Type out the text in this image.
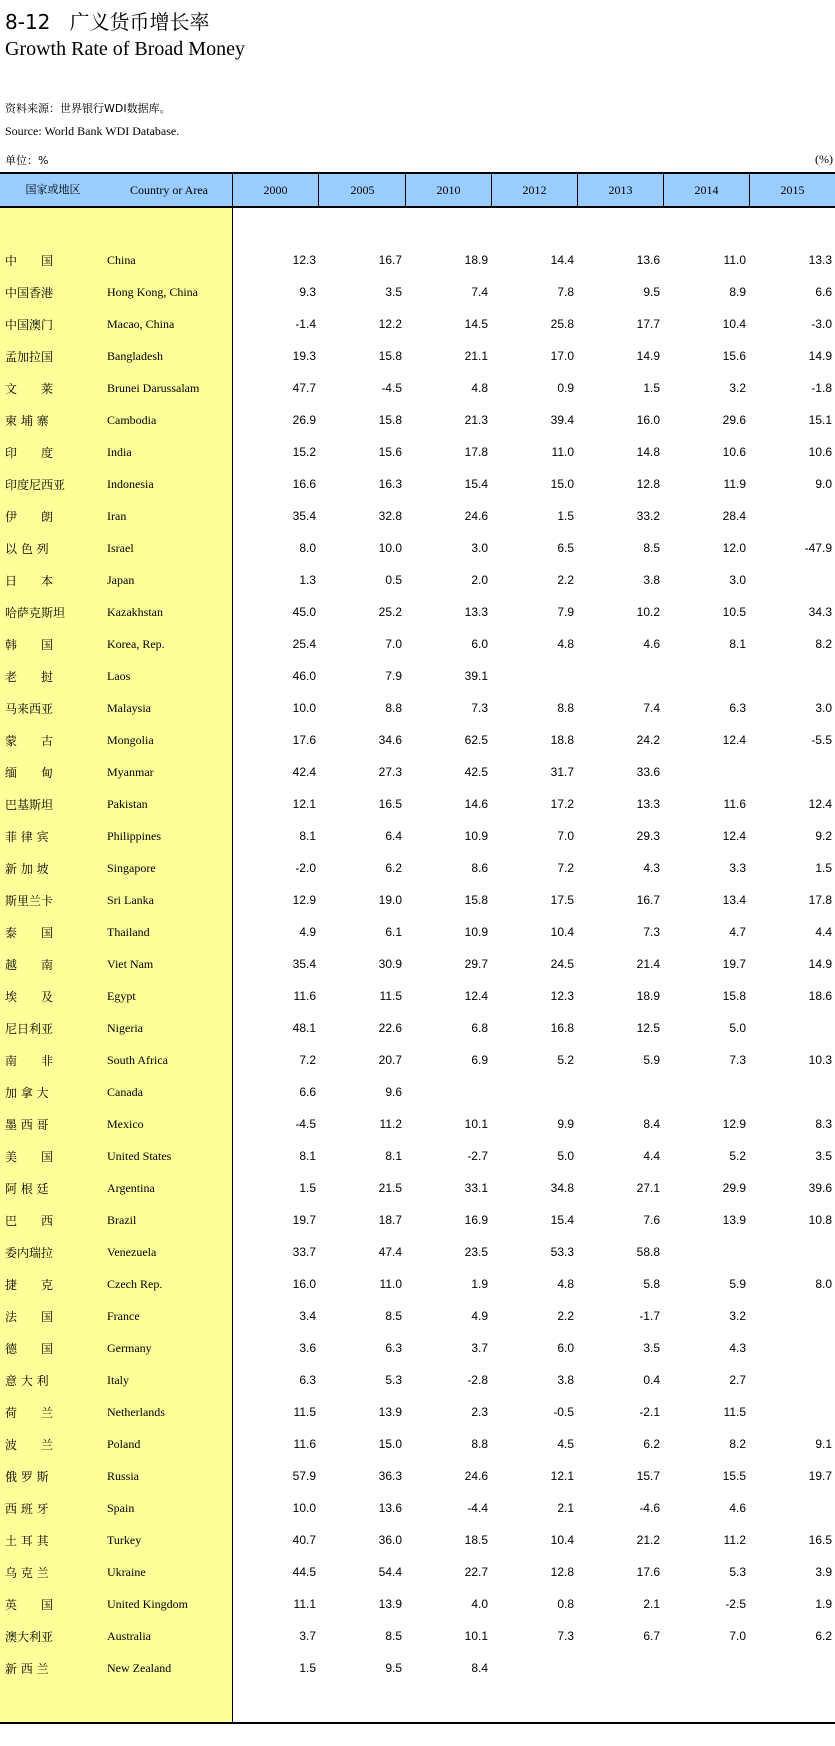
8-12 广义货币增长率
Growth Rate of Broad Money
资料来源：世界银行WDI数据库。
Source: World Bank WDI Database.
单位：%	(%)
国家或地区	Country or Area	2000	2005	2010	2012	2013	2014	2015
中　　国	China	12.3	16.7	18.9	14.4	13.6	11.0	13.3
中国香港	Hong Kong, China	9.3	3.5	7.4	7.8	9.5	8.9	6.6
中国澳门	Macao, China	-1.4	12.2	14.5	25.8	17.7	10.4	-3.0
孟加拉国	Bangladesh	19.3	15.8	21.1	17.0	14.9	15.6	14.9
文　　莱	Brunei Darussalam	47.7	-4.5	4.8	0.9	1.5	3.2	-1.8
柬 埔 寨	Cambodia	26.9	15.8	21.3	39.4	16.0	29.6	15.1
印　　度	India	15.2	15.6	17.8	11.0	14.8	10.6	10.6
印度尼西亚	Indonesia	16.6	16.3	15.4	15.0	12.8	11.9	9.0
伊　　朗	Iran	35.4	32.8	24.6	1.5	33.2	28.4
以 色 列	Israel	8.0	10.0	3.0	6.5	8.5	12.0	-47.9
日　　本	Japan	1.3	0.5	2.0	2.2	3.8	3.0
哈萨克斯坦	Kazakhstan	45.0	25.2	13.3	7.9	10.2	10.5	34.3
韩　　国	Korea, Rep.	25.4	7.0	6.0	4.8	4.6	8.1	8.2
老　　挝	Laos	46.0	7.9	39.1
马来西亚	Malaysia	10.0	8.8	7.3	8.8	7.4	6.3	3.0
蒙　　古	Mongolia	17.6	34.6	62.5	18.8	24.2	12.4	-5.5
缅　　甸	Myanmar	42.4	27.3	42.5	31.7	33.6
巴基斯坦	Pakistan	12.1	16.5	14.6	17.2	13.3	11.6	12.4
菲 律 宾	Philippines	8.1	6.4	10.9	7.0	29.3	12.4	9.2
新 加 坡	Singapore	-2.0	6.2	8.6	7.2	4.3	3.3	1.5
斯里兰卡	Sri Lanka	12.9	19.0	15.8	17.5	16.7	13.4	17.8
泰　　国	Thailand	4.9	6.1	10.9	10.4	7.3	4.7	4.4
越　　南	Viet Nam	35.4	30.9	29.7	24.5	21.4	19.7	14.9
埃　　及	Egypt	11.6	11.5	12.4	12.3	18.9	15.8	18.6
尼日利亚	Nigeria	48.1	22.6	6.8	16.8	12.5	5.0
南　　非	South Africa	7.2	20.7	6.9	5.2	5.9	7.3	10.3
加 拿 大	Canada	6.6	9.6
墨 西 哥	Mexico	-4.5	11.2	10.1	9.9	8.4	12.9	8.3
美　　国	United States	8.1	8.1	-2.7	5.0	4.4	5.2	3.5
阿 根 廷	Argentina	1.5	21.5	33.1	34.8	27.1	29.9	39.6
巴　　西	Brazil	19.7	18.7	16.9	15.4	7.6	13.9	10.8
委内瑞拉	Venezuela	33.7	47.4	23.5	53.3	58.8
捷　　克	Czech Rep.	16.0	11.0	1.9	4.8	5.8	5.9	8.0
法　　国	France	3.4	8.5	4.9	2.2	-1.7	3.2
德　　国	Germany	3.6	6.3	3.7	6.0	3.5	4.3
意 大 利	Italy	6.3	5.3	-2.8	3.8	0.4	2.7
荷　　兰	Netherlands	11.5	13.9	2.3	-0.5	-2.1	11.5
波　　兰	Poland	11.6	15.0	8.8	4.5	6.2	8.2	9.1
俄 罗 斯	Russia	57.9	36.3	24.6	12.1	15.7	15.5	19.7
西 班 牙	Spain	10.0	13.6	-4.4	2.1	-4.6	4.6
土 耳 其	Turkey	40.7	36.0	18.5	10.4	21.2	11.2	16.5
乌 克 兰	Ukraine	44.5	54.4	22.7	12.8	17.6	5.3	3.9
英　　国	United Kingdom	11.1	13.9	4.0	0.8	2.1	-2.5	1.9
澳大利亚	Australia	3.7	8.5	10.1	7.3	6.7	7.0	6.2
新 西 兰	New Zealand	1.5	9.5	8.4
